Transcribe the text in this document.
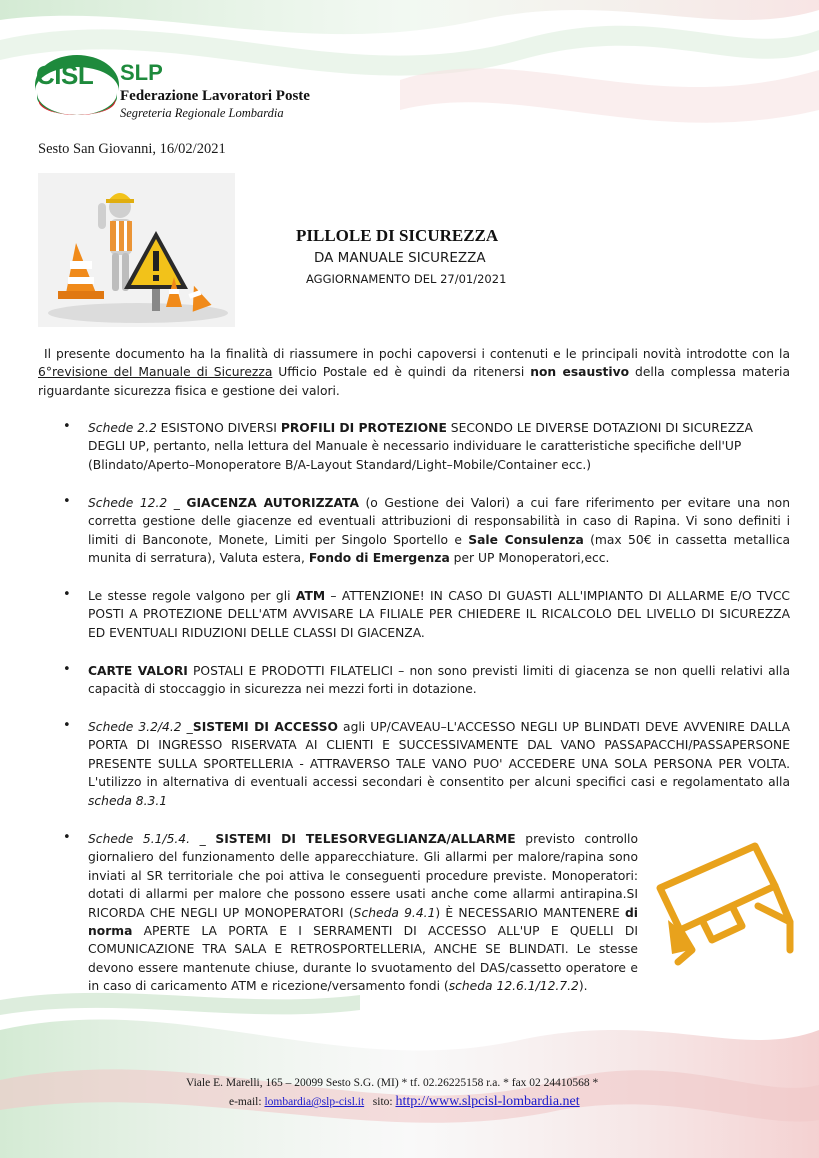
CISL SLP
Federazione Lavoratori Poste
Segreteria Regionale Lombardia
Sesto San Giovanni, 16/02/2021
PILLOLE DI SICUREZZA
DA MANUALE SICUREZZA
AGGIORNAMENTO DEL 27/01/2021
Il presente documento ha la finalità di riassumere in pochi capoversi i contenuti e le principali novità introdotte con la 6°revisione del Manuale di Sicurezza Ufficio Postale ed è quindi da ritenersi non esaustivo della complessa materia riguardante sicurezza fisica e gestione dei valori.
• Schede 2.2 ESISTONO DIVERSI PROFILI DI PROTEZIONE SECONDO LE DIVERSE DOTAZIONI DI SICUREZZA DEGLI UP, pertanto, nella lettura del Manuale è necessario individuare le caratteristiche specifiche dell'UP (Blindato/Aperto–Monoperatore B/A-Layout Standard/Light–Mobile/Container ecc.)
• Schede 12.2 _ GIACENZA AUTORIZZATA (o Gestione dei Valori) a cui fare riferimento per evitare una non corretta gestione delle giacenze ed eventuali attribuzioni di responsabilità in caso di Rapina. Vi sono definiti i limiti di Banconote, Monete, Limiti per Singolo Sportello e Sale Consulenza (max 50€ in cassetta metallica munita di serratura), Valuta estera, Fondo di Emergenza per UP Monoperatori,ecc.
• Le stesse regole valgono per gli ATM – ATTENZIONE! IN CASO DI GUASTI ALL'IMPIANTO DI ALLARME E/O TVCC POSTI A PROTEZIONE DELL'ATM AVVISARE LA FILIALE PER CHIEDERE IL RICALCOLO DEL LIVELLO DI SICUREZZA ED EVENTUALI RIDUZIONI DELLE CLASSI DI GIACENZA.
• CARTE VALORI POSTALI E PRODOTTI FILATELICI – non sono previsti limiti di giacenza se non quelli relativi alla capacità di stoccaggio in sicurezza nei mezzi forti in dotazione.
• Schede 3.2/4.2 _SISTEMI DI ACCESSO agli UP/CAVEAU–L'ACCESSO NEGLI UP BLINDATI DEVE AVVENIRE DALLA PORTA DI INGRESSO RISERVATA AI CLIENTI E SUCCESSIVAMENTE DAL VANO PASSAPACCHI/PASSAPERSONE PRESENTE SULLA SPORTELLERIA - ATTRAVERSO TALE VANO PUO' ACCEDERE UNA SOLA PERSONA PER VOLTA. L'utilizzo in alternativa di eventuali accessi secondari è consentito per alcuni specifici casi e regolamentato alla scheda 8.3.1
• Schede 5.1/5.4. _ SISTEMI DI TELESORVEGLIANZA/ALLARME previsto controllo giornaliero del funzionamento delle apparecchiature. Gli allarmi per malore/rapina sono inviati al SR territoriale che poi attiva le conseguenti procedure previste. Monoperatori: dotati di allarmi per malore che possono essere usati anche come allarmi antirapina.SI RICORDA CHE NEGLI UP MONOPERATORI (Scheda 9.4.1) È NECESSARIO MANTENERE di norma APERTE LA PORTA E I SERRAMENTI DI ACCESSO ALL'UP E QUELLI DI COMUNICAZIONE TRA SALA E RETROSPORTELLERIA, ANCHE SE BLINDATI. Le stesse devono essere mantenute chiuse, durante lo svuotamento del DAS/cassetto operatore e in caso di caricamento ATM e ricezione/versamento fondi (scheda 12.6.1/12.7.2).
Viale E. Marelli, 165 – 20099 Sesto S.G. (MI) * tf. 02.26225158 r.a. * fax 02 24410568 *
e-mail: lombardia@slp-cisl.it   sito: http://www.slpcisl-lombardia.net
